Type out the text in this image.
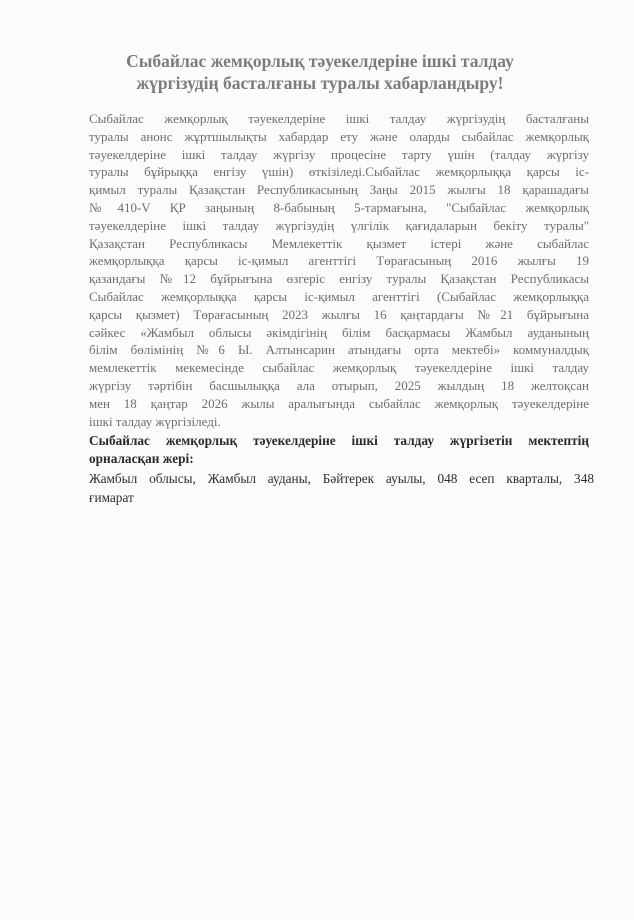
Сыбайлас жемқорлық тәуекелдеріне ішкі талдау
жүргізудің басталғаны туралы хабарландыру!

Сыбайлас жемқорлық тәуекелдеріне ішкі талдау жүргізудің басталғаны
туралы анонс жұртшылықты хабардар ету және оларды сыбайлас жемқорлық
тәуекелдеріне ішкі талдау жүргізу процесіне тарту үшін (талдау жүргізу
туралы бұйрыққа енгізу үшін) өткізіледі.Сыбайлас жемқорлыққа қарсы іс-
қимыл туралы Қазақстан Республикасының Заңы 2015 жылғы 18 қарашадағы
№410-V ҚР заңының 8-бабының 5-тармағына, "Сыбайлас жемқорлық
тәуекелдеріне ішкі талдау жүргізудің үлгілік қағидаларын бекіту туралы"
Қазақстан Республикасы Мемлекеттік қызмет істері және сыбайлас
жемқорлыққа қарсы іс-қимыл агенттігі Төрағасының 2016 жылғы 19
қазандағы №12 бұйрығына өзгеріс енгізу туралы Қазақстан Республикасы
Сыбайлас жемқорлыққа қарсы іс-қимыл агенттігі (Сыбайлас жемқорлыққа
қарсы қызмет) Төрағасының 2023 жылғы 16 қаңтардағы №21 бұйрығына
сәйкес «Жамбыл облысы әкімдігінің білім басқармасы Жамбыл ауданының
білім бөлімінің №6 Ы. Алтынсарин атындағы орта мектебі» коммуналдық
мемлекеттік мекемесінде сыбайлас жемқорлық тәуекелдеріне ішкі талдау
жүргізу тәртібін басшылыққа ала отырып, 2025 жылдың 18 желтоқсан
мен 18 қаңтар 2026 жылы аралығында сыбайлас жемқорлық тәуекелдеріне
ішкі талдау жүргізіледі.

Сыбайлас жемқорлық тәуекелдеріне ішкі талдау жүргізетін мектептің
орналасқан жері:

Жамбыл облысы, Жамбыл ауданы, Бәйтерек ауылы, 048 есеп кварталы, 348
ғимарат
